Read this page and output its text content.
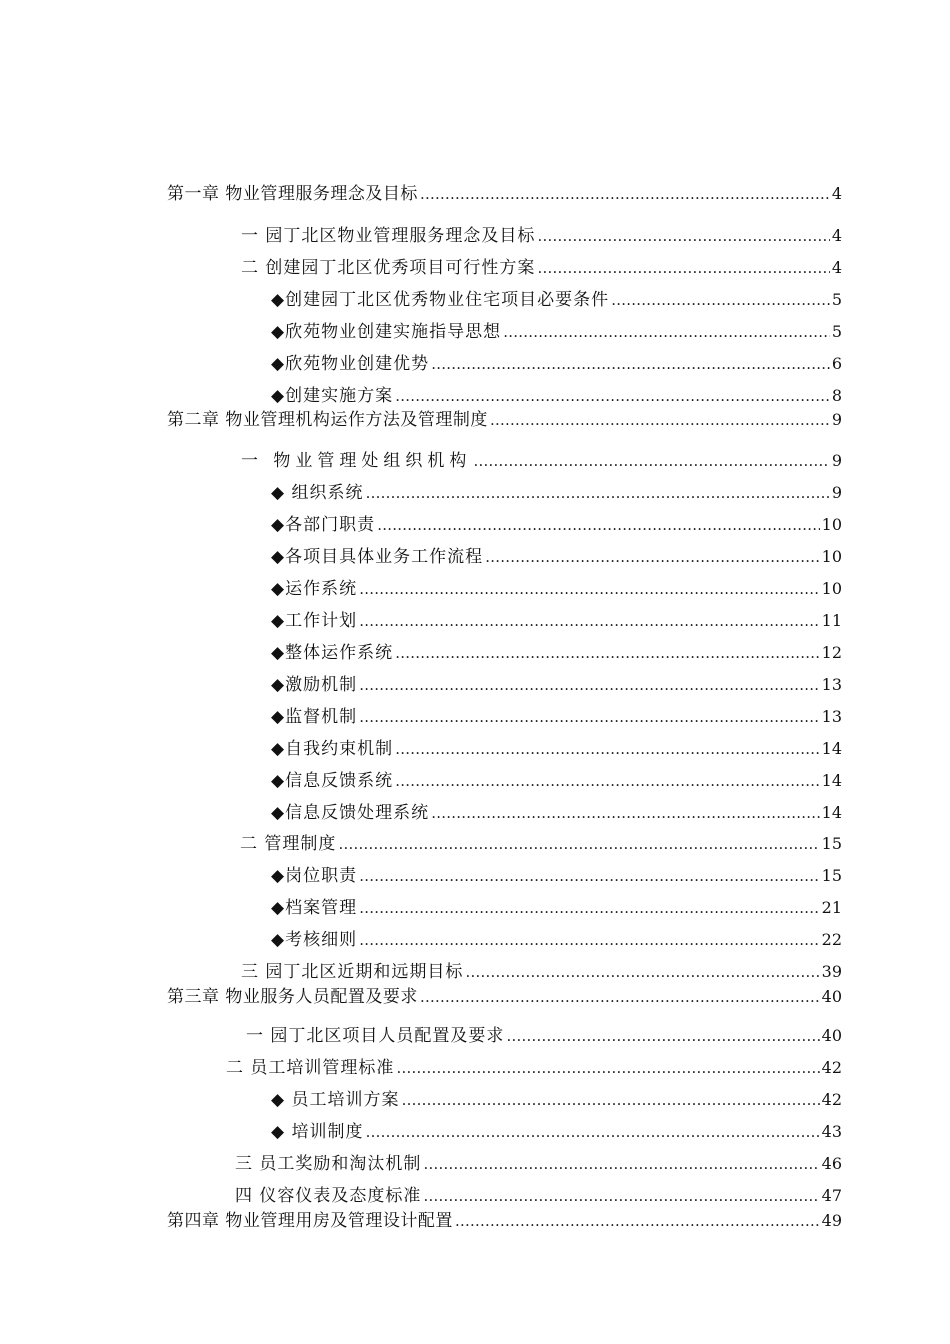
第一章 物业管理服务理念及目标 ……………………………………………………………………………………………………………………………………………………………………………………………	4
一 园丁北区物业管理服务理念及目标 ……………………………………………………………………………………………………………………………………………………………………………………………	4
二 创建园丁北区优秀项目可行性方案 ……………………………………………………………………………………………………………………………………………………………………………………………	4
◆创建园丁北区优秀物业住宅项目必要条件 ……………………………………………………………………………………………………………………………………………………………………………………………	5
◆欣苑物业创建实施指导思想 ……………………………………………………………………………………………………………………………………………………………………………………………	5
◆欣苑物业创建优势 ……………………………………………………………………………………………………………………………………………………………………………………………	6
◆创建实施方案 ……………………………………………………………………………………………………………………………………………………………………………………………	8
第二章 物业管理机构运作方法及管理制度 ……………………………………………………………………………………………………………………………………………………………………………………………	9
一 物业管理处组织机构 ……………………………………………………………………………………………………………………………………………………………………………………………	9
◆ 组织系统 ……………………………………………………………………………………………………………………………………………………………………………………………	9
◆各部门职责 ……………………………………………………………………………………………………………………………………………………………………………………………	10
◆各项目具体业务工作流程 ……………………………………………………………………………………………………………………………………………………………………………………………	10
◆运作系统 ……………………………………………………………………………………………………………………………………………………………………………………………	10
◆工作计划 ……………………………………………………………………………………………………………………………………………………………………………………………	11
◆整体运作系统 ……………………………………………………………………………………………………………………………………………………………………………………………	12
◆激励机制 ……………………………………………………………………………………………………………………………………………………………………………………………	13
◆监督机制 ……………………………………………………………………………………………………………………………………………………………………………………………	13
◆自我约束机制 ……………………………………………………………………………………………………………………………………………………………………………………………	14
◆信息反馈系统 ……………………………………………………………………………………………………………………………………………………………………………………………	14
◆信息反馈处理系统 ……………………………………………………………………………………………………………………………………………………………………………………………	14
二 管理制度 ……………………………………………………………………………………………………………………………………………………………………………………………	15
◆岗位职责 ……………………………………………………………………………………………………………………………………………………………………………………………	15
◆档案管理 ……………………………………………………………………………………………………………………………………………………………………………………………	21
◆考核细则 ……………………………………………………………………………………………………………………………………………………………………………………………	22
三 园丁北区近期和远期目标 ……………………………………………………………………………………………………………………………………………………………………………………………	39
第三章 物业服务人员配置及要求 ……………………………………………………………………………………………………………………………………………………………………………………………	40
一 园丁北区项目人员配置及要求 ……………………………………………………………………………………………………………………………………………………………………………………………	40
二 员工培训管理标准 ……………………………………………………………………………………………………………………………………………………………………………………………	42
◆ 员工培训方案 ……………………………………………………………………………………………………………………………………………………………………………………………	42
◆ 培训制度 ……………………………………………………………………………………………………………………………………………………………………………………………	43
三 员工奖励和淘汰机制 ……………………………………………………………………………………………………………………………………………………………………………………………	46
四 仪容仪表及态度标准 ……………………………………………………………………………………………………………………………………………………………………………………………	47
第四章 物业管理用房及管理设计配置 ……………………………………………………………………………………………………………………………………………………………………………………………	49
